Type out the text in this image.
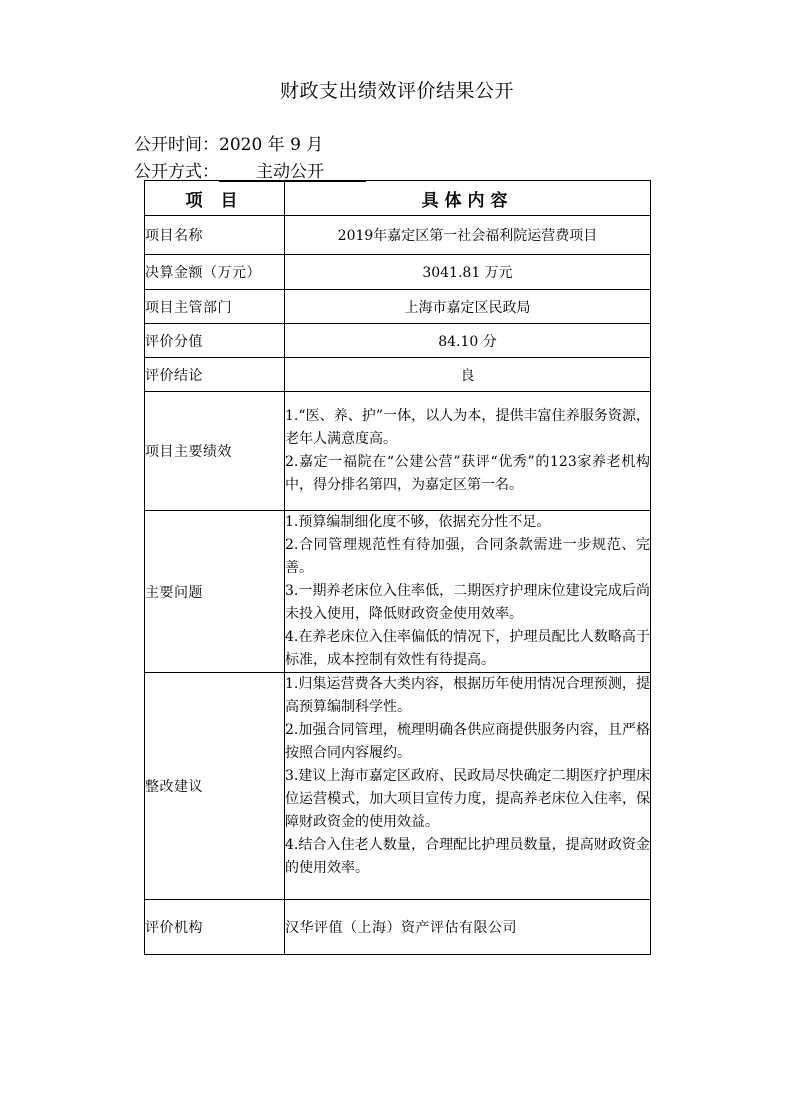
财政支出绩效评价结果公开
公开时间：2020 年 9 月
公开方式： 主动公开
项 目	具体内容
项目名称	2019年嘉定区第一社会福利院运营费项目
决算金额（万元）	3041.81 万元
项目主管部门	上海市嘉定区民政局
评价分值	84.10 分
评价结论	良
项目主要绩效	1.“医、养、护”一体，以人为本，提供丰富住养服务资源，老年人满意度高。

2.嘉定一福院在“公建公营”获评“优秀”的123家养老机构中，得分排名第四，为嘉定区第一名。

主要问题	1.预算编制细化度不够，依据充分性不足。

2.合同管理规范性有待加强，合同条款需进一步规范、完善。

3.一期养老床位入住率低，二期医疗护理床位建设完成后尚未投入使用，降低财政资金使用效率。

4.在养老床位入住率偏低的情况下，护理员配比人数略高于标准，成本控制有效性有待提高。

整改建议	1.归集运营费各大类内容，根据历年使用情况合理预测，提高预算编制科学性。

2.加强合同管理，梳理明确各供应商提供服务内容，且严格按照合同内容履约。

3.建议上海市嘉定区政府、民政局尽快确定二期医疗护理床位运营模式，加大项目宣传力度，提高养老床位入住率，保障财政资金的使用效益。

4.结合入住老人数量，合理配比护理员数量，提高财政资金的使用效率。

评价机构	汉华评值（上海）资产评估有限公司
